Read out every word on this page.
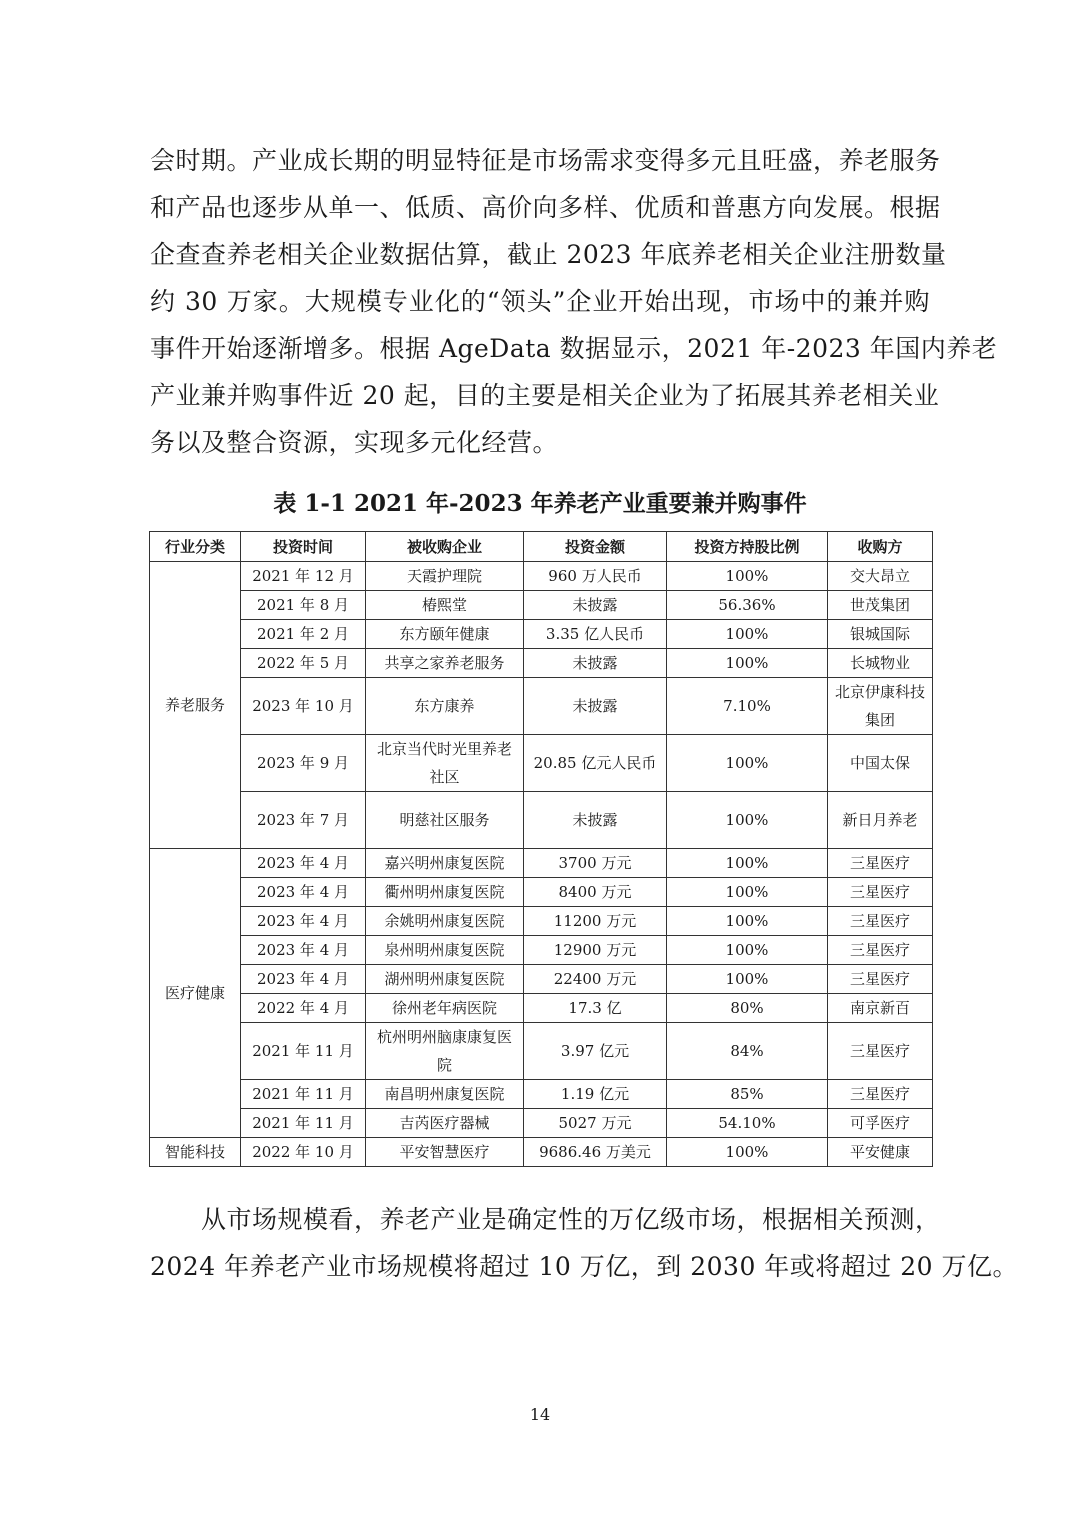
会时期。产业成长期的明显特征是市场需求变得多元且旺盛，养老服务
和产品也逐步从单一、低质、高价向多样、优质和普惠方向发展。根据
企查查养老相关企业数据估算，截止 2023 年底养老相关企业注册数量
约 30 万家。大规模专业化的“领头”企业开始出现，市场中的兼并购
事件开始逐渐增多。根据 AgeData 数据显示，2021 年-2023 年国内养老
产业兼并购事件近 20 起，目的主要是相关企业为了拓展其养老相关业
务以及整合资源，实现多元化经营。
表 1-1 2021 年-2023 年养老产业重要兼并购事件
行业分类	投资时间	被收购企业	投资金额	投资方持股比例	收购方
养老服务	2021 年 12 月	天霞护理院	960 万人民币	100%	交大昂立
	2021 年 8 月	椿熙堂	未披露	56.36%	世茂集团
	2021 年 2 月	东方颐年健康	3.35 亿人民币	100%	银城国际
	2022 年 5 月	共享之家养老服务	未披露	100%	长城物业
	2023 年 10 月	东方康养	未披露	7.10%	北京伊康科技集团
	2023 年 9 月	北京当代时光里养老社区	20.85 亿元人民币	100%	中国太保
	2023 年 7 月	明慈社区服务	未披露	100%	新日月养老
医疗健康	2023 年 4 月	嘉兴明州康复医院	3700 万元	100%	三星医疗
	2023 年 4 月	衢州明州康复医院	8400 万元	100%	三星医疗
	2023 年 4 月	余姚明州康复医院	11200 万元	100%	三星医疗
	2023 年 4 月	泉州明州康复医院	12900 万元	100%	三星医疗
	2023 年 4 月	湖州明州康复医院	22400 万元	100%	三星医疗
	2022 年 4 月	徐州老年病医院	17.3 亿	80%	南京新百
	2021 年 11 月	杭州明州脑康康复医院	3.97 亿元	84%	三星医疗
	2021 年 11 月	南昌明州康复医院	1.19 亿元	85%	三星医疗
	2021 年 11 月	吉芮医疗器械	5027 万元	54.10%	可孚医疗
智能科技	2022 年 10 月	平安智慧医疗	9686.46 万美元	100%	平安健康
　　从市场规模看，养老产业是确定性的万亿级市场，根据相关预测，
2024 年养老产业市场规模将超过 10 万亿，到 2030 年或将超过 20 万亿。
14
